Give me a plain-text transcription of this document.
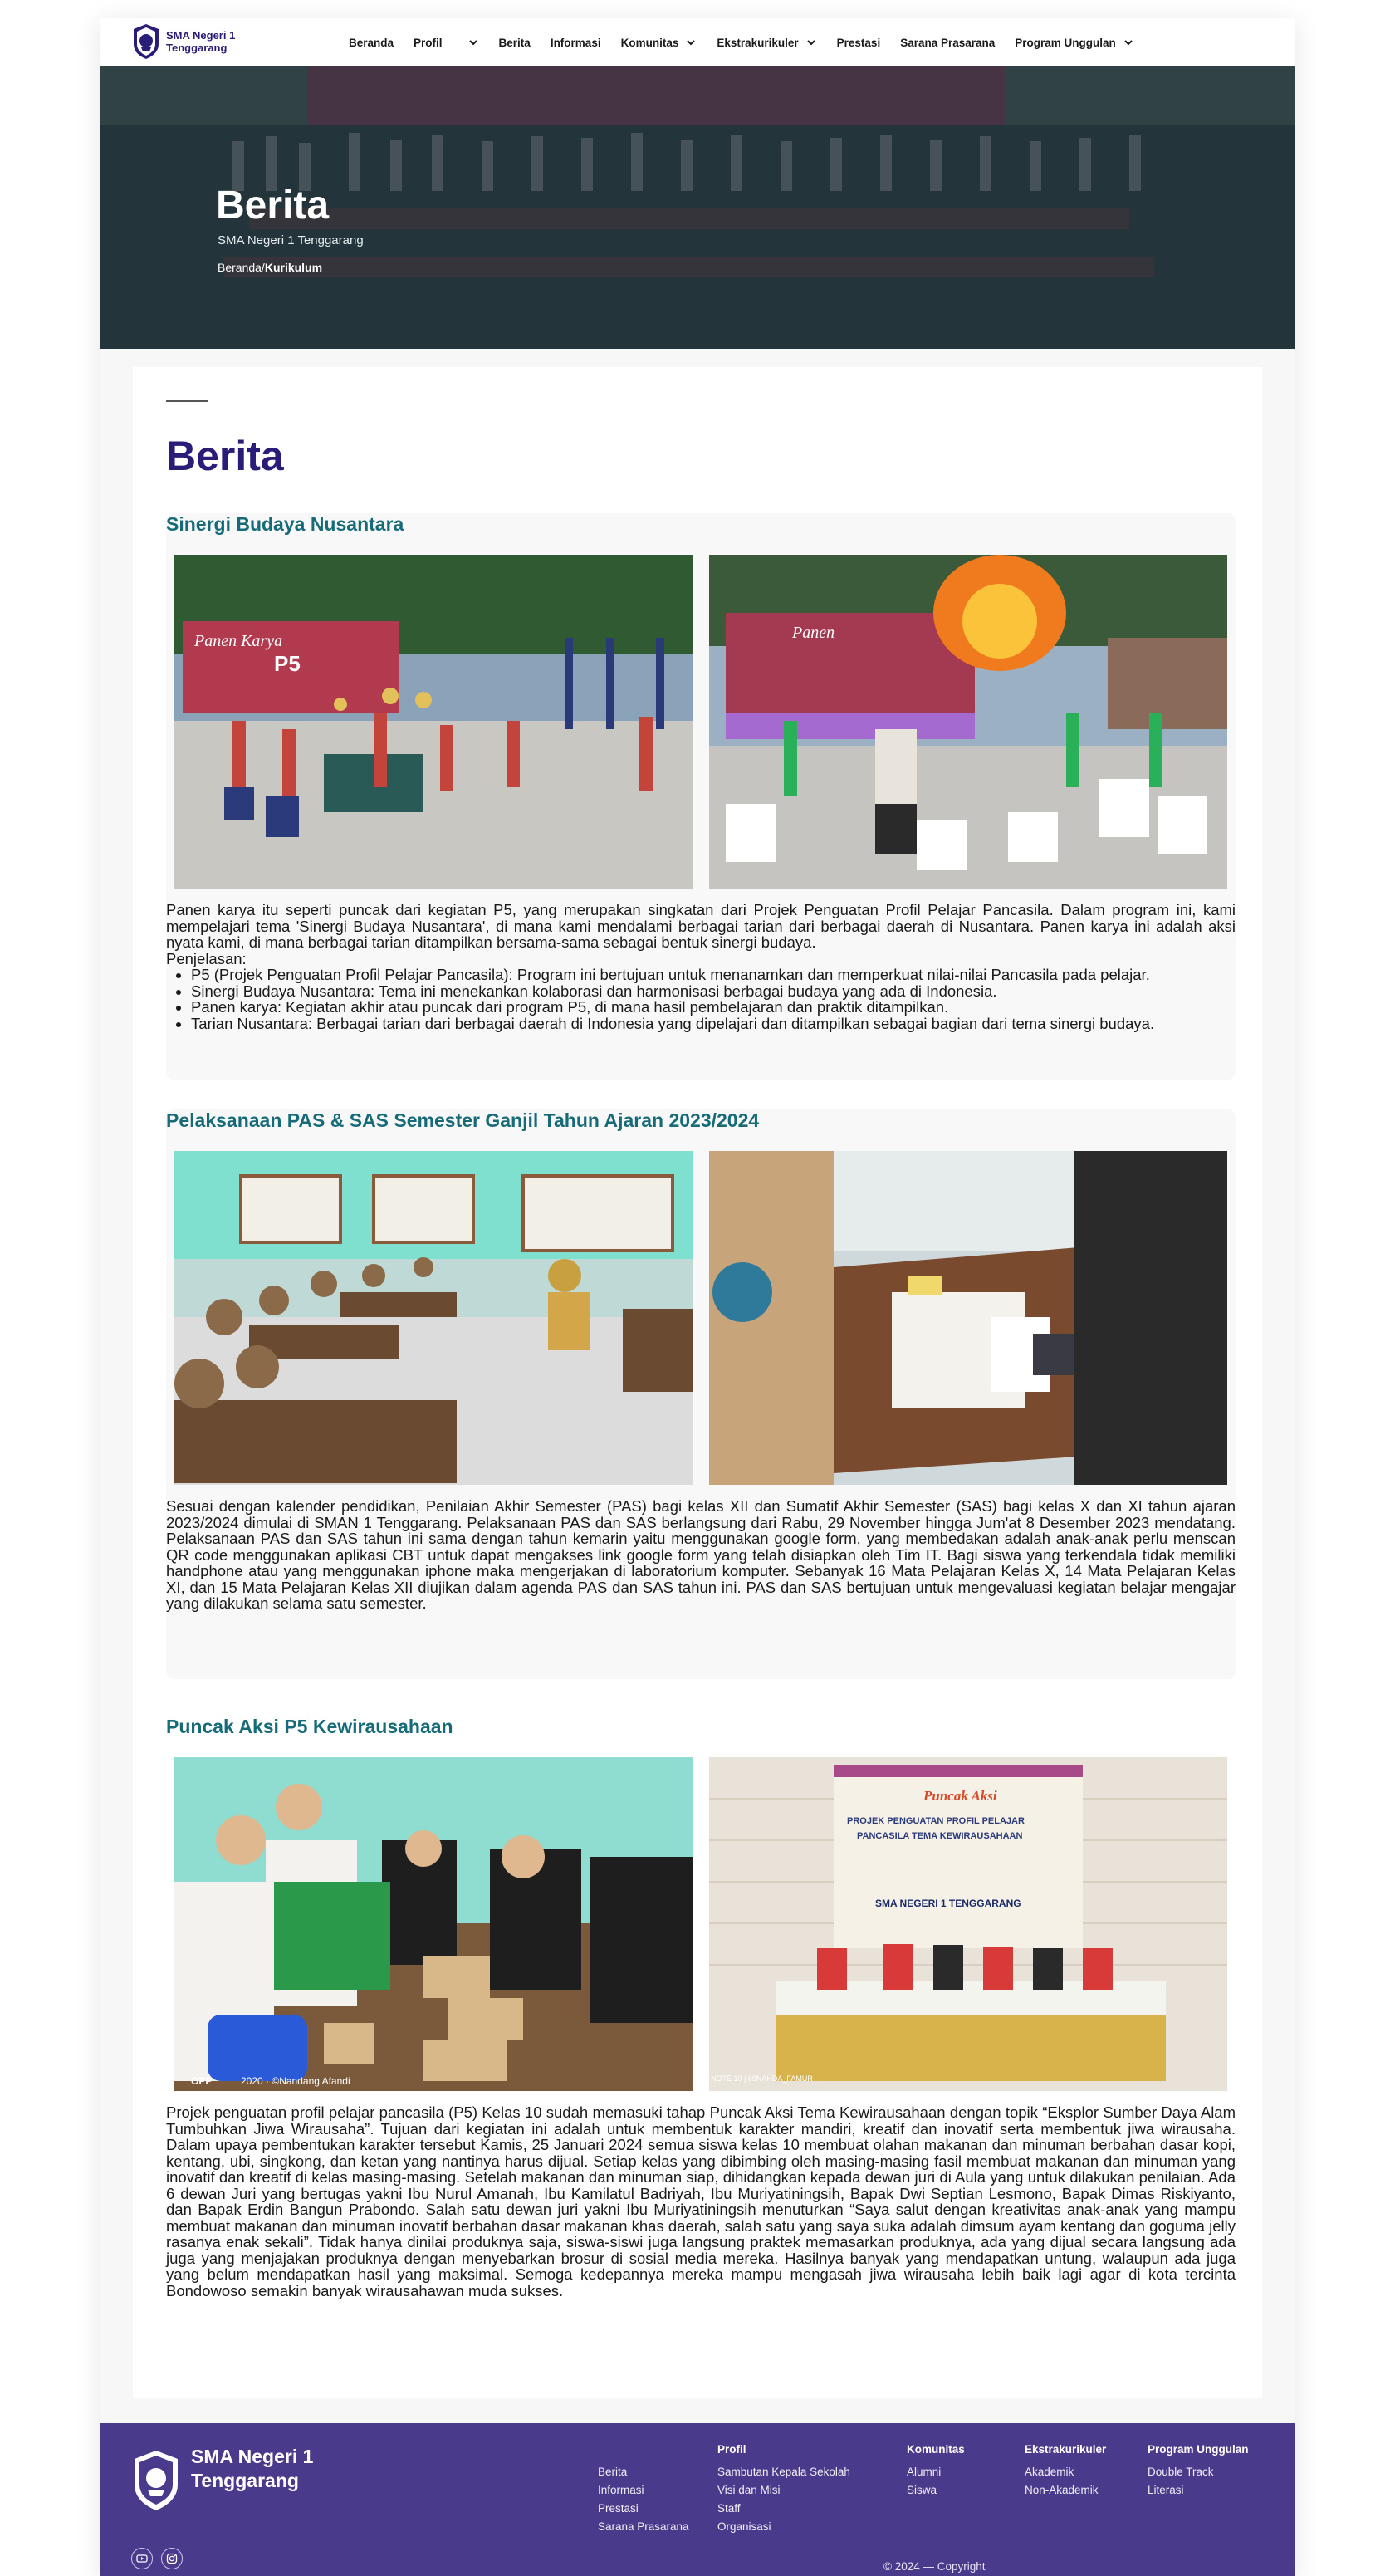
SMA Negeri 1 Tenggarang	Beranda Profil	Berita Informasi Komunitas	Ekstrakurikuler	Prestasi Sarana Prasarana Program Unggulan
Berita
SMA Negeri 1 Tenggarang
Beranda/Kurikulum
Berita
Sinergi Budaya Nusantara
Panen Karya
P5
Panen

Panen karya itu seperti puncak dari kegiatan P5, yang merupakan singkatan dari Projek Penguatan Profil Pelajar Pancasila. Dalam program ini, kami mempelajari tema 'Sinergi Budaya Nusantara', di mana kami mendalami berbagai tarian dari berbagai daerah di Nusantara. Panen karya ini adalah aksi nyata kami, di mana berbagai tarian ditampilkan bersama-sama sebagai bentuk sinergi budaya.

Penjelasan:

• P5 (Projek Penguatan Profil Pelajar Pancasila): Program ini bertujuan untuk menanamkan dan memperkuat nilai-nilai Pancasila pada pelajar.
• Sinergi Budaya Nusantara: Tema ini menekankan kolaborasi dan harmonisasi berbagai budaya yang ada di Indonesia.
• Panen karya: Kegiatan akhir atau puncak dari program P5, di mana hasil pembelajaran dan praktik ditampilkan.
• Tarian Nusantara: Berbagai tarian dari berbagai daerah di Indonesia yang dipelajari dan ditampilkan sebagai bagian dari tema sinergi budaya.
Pelaksanaan PAS & SAS Semester Ganjil Tahun Ajaran 2023/2024

Sesuai dengan kalender pendidikan, Penilaian Akhir Semester (PAS) bagi kelas XII dan Sumatif Akhir Semester (SAS) bagi kelas X dan XI tahun ajaran 2023/2024 dimulai di SMAN 1 Tenggarang. Pelaksanaan PAS dan SAS berlangsung dari Rabu, 29 November hingga Jum'at 8 Desember 2023 mendatang. Pelaksanaan PAS dan SAS tahun ini sama dengan tahun kemarin yaitu menggunakan google form, yang membedakan adalah anak-anak perlu menscan QR code menggunakan aplikasi CBT untuk dapat mengakses link google form yang telah disiapkan oleh Tim IT. Bagi siswa yang terkendala tidak memiliki handphone atau yang menggunakan iphone maka mengerjakan di laboratorium komputer. Sebanyak 16 Mata Pelajaran Kelas X, 14 Mata Pelajaran Kelas XI, dan 15 Mata Pelajaran Kelas XII diujikan dalam agenda PAS dan SAS tahun ini. PAS dan SAS bertujuan untuk mengevaluasi kegiatan belajar mengajar yang dilakukan selama satu semester.

Puncak Aksi P5 Kewirausahaan
OPP	2020 · ©Nandang Afandi
Puncak Aksi
PROJEK PENGUATAN PROFIL PELAJAR
PANCASILA TEMA KEWIRAUSAHAAN
SMA NEGERI 1 TENGGARANG
NOTE 10 | 69NAHDA_FAMUR

Projek penguatan profil pelajar pancasila (P5) Kelas 10 sudah memasuki tahap Puncak Aksi Tema Kewirausahaan dengan topik “Eksplor Sumber Daya Alam Tumbuhkan Jiwa Wirausaha”. Tujuan dari kegiatan ini adalah untuk membentuk karakter mandiri, kreatif dan inovatif serta membentuk jiwa wirausaha. Dalam upaya pembentukan karakter tersebut Kamis, 25 Januari 2024 semua siswa kelas 10 membuat olahan makanan dan minuman berbahan dasar kopi, kentang, ubi, singkong, dan ketan yang nantinya harus dijual. Setiap kelas yang dibimbing oleh masing-masing fasil membuat makanan dan minuman yang inovatif dan kreatif di kelas masing-masing. Setelah makanan dan minuman siap, dihidangkan kepada dewan juri di Aula yang untuk dilakukan penilaian. Ada 6 dewan Juri yang bertugas yakni Ibu Nurul Amanah, Ibu Kamilatul Badriyah, Ibu Muriyatiningsih, Bapak Dwi Septian Lesmono, Bapak Dimas Riskiyanto, dan Bapak Erdin Bangun Prabondo. Salah satu dewan juri yakni Ibu Muriyatiningsih menuturkan “Saya salut dengan kreativitas anak-anak yang mampu membuat makanan dan minuman inovatif berbahan dasar makanan khas daerah, salah satu yang saya suka adalah dimsum ayam kentang dan goguma jelly rasanya enak sekali”. Tidak hanya dinilai produknya saja, siswa-siswi juga langsung praktek memasarkan produknya, ada yang dijual secara langsung ada juga yang menjajakan produknya dengan menyebarkan brosur di sosial media mereka. Hasilnya banyak yang mendapatkan untung, walaupun ada juga yang belum mendapatkan hasil yang maksimal. Semoga kedepannya mereka mampu mengasah jiwa wirausaha lebih baik lagi agar di kota tercinta Bondowoso semakin banyak wirausahawan muda sukses.

SMA Negeri 1 Tenggarang	Berita
Informasi
Prestasi
Sarana Prasarana
Profil
Sambutan Kepala Sekolah
Visi dan Misi
Staff
Organisasi
Komunitas
Alumni
Siswa
Ekstrakurikuler
Akademik
Non-Akademik
Program Unggulan
Double Track
Literasi
© 2024 — Copyright
